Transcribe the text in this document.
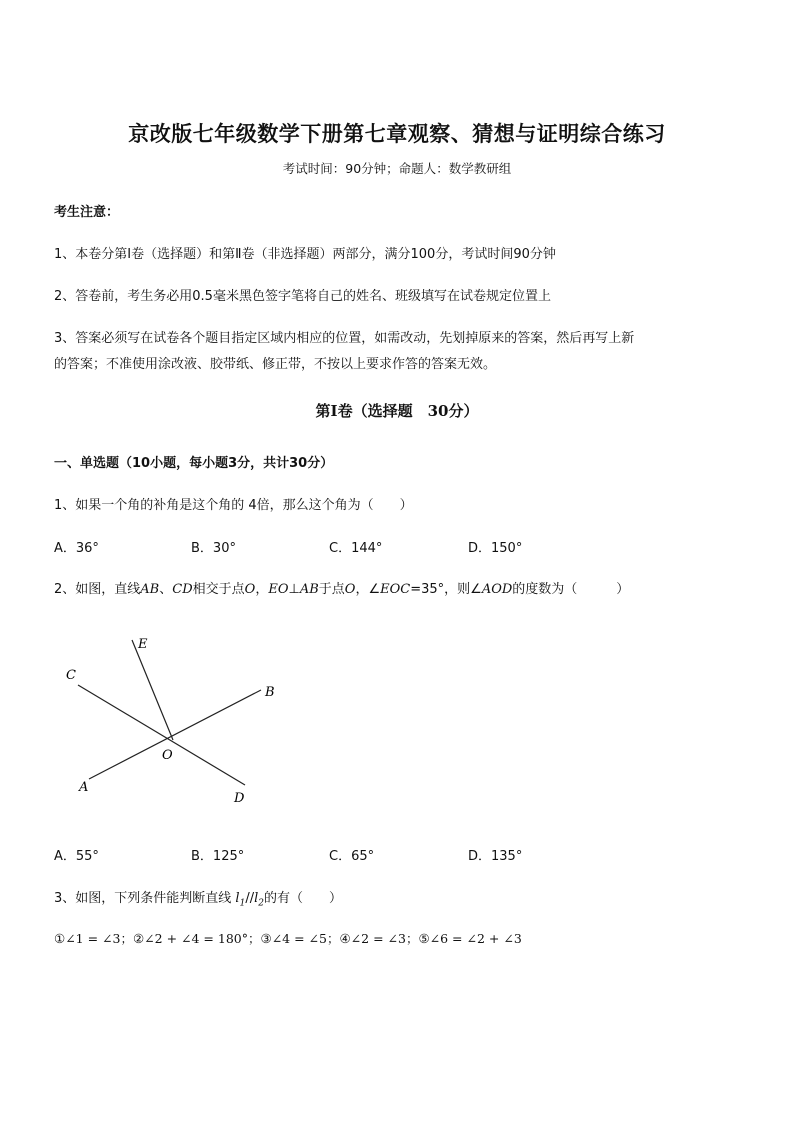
京改版七年级数学下册第七章观察、猜想与证明综合练习
考试时间：90分钟；命题人：数学教研组
考生注意：
1、本卷分第Ⅰ卷（选择题）和第Ⅱ卷（非选择题）两部分，满分100分，考试时间90分钟
2、答卷前，考生务必用0.5毫米黑色签字笔将自己的姓名、班级填写在试卷规定位置上
3、答案必须写在试卷各个题目指定区域内相应的位置，如需改动，先划掉原来的答案，然后再写上新
的答案；不准使用涂改液、胶带纸、修正带，不按以上要求作答的答案无效。
第Ⅰ卷（选择题　30分）
一、单选题（10小题，每小题3分，共计30分）
1、如果一个角的补角是这个角的 4倍，那么这个角为（　　）
A．36°	B．30°	C．144°	D．150°
2、如图，直线AB、CD相交于点O，EO⊥AB于点O，∠EOC=35°，则∠AOD的度数为（　　　）
E
C
B
O
A
D
A．55°	B．125°	C．65°	D．135°
3、如图，下列条件能判断直线 $l_1//l_2$的有（　　）
①∠1 = ∠3；②∠2 + ∠4 = 180°；③∠4 = ∠5；④∠2 = ∠3；⑤∠6 = ∠2 + ∠3
